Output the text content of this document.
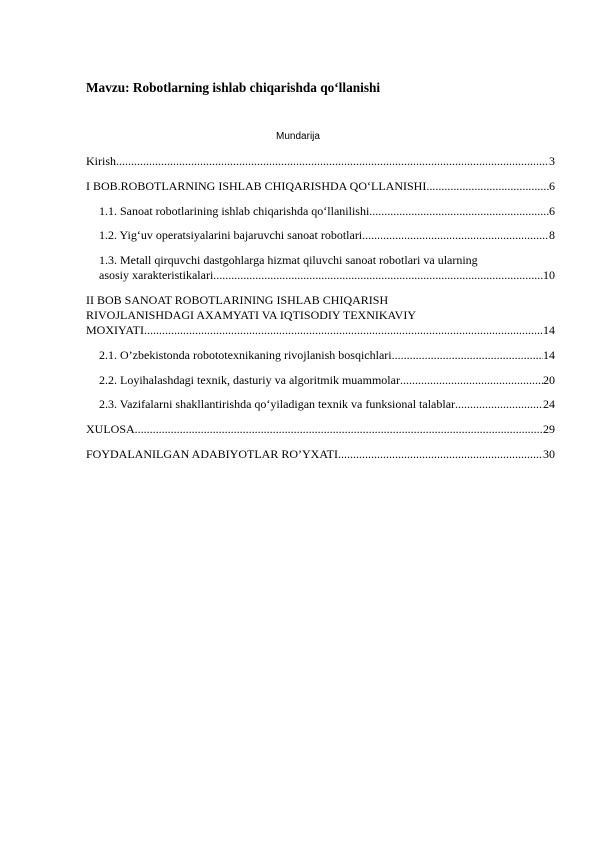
Mavzu: Robotlarning ishlab chiqarishda qo‘llanishi
Mundarija
Kirish .....	3
I BOB.ROBOTLARNING ISHLAB CHIQARISHDA QO‘LLANISHI .....	6
1.1. Sanoat robotlarining ishlab chiqarishda qo‘llanilishi .....	6
1.2. Yig‘uv operatsiyalarini bajaruvchi sanoat robotlari .....	8
1.3. Metall qirquvchi dastgohlarga hizmat qiluvchi sanoat robotlari va ularning
asosiy xarakteristikalari .....	10
II BOB SANOAT ROBOTLARINING ISHLAB CHIQARISH
RIVOJLANISHDAGI AXAMYATI VA IQTISODIY TEXNIKAVIY
MOXIYATI .....	14
2.1. O’zbekistonda robototexnikaning rivojlanish bosqichlari .....	14
2.2. Loyihalashdagi texnik, dasturiy va algoritmik muammolar .....	20
2.3. Vazifalarni shakllantirishda qo‘yiladigan texnik va funksional talablar .....	24
XULOSA .....	29
FOYDALANILGAN ADABIYOTLAR RO’YXATI .....	30
